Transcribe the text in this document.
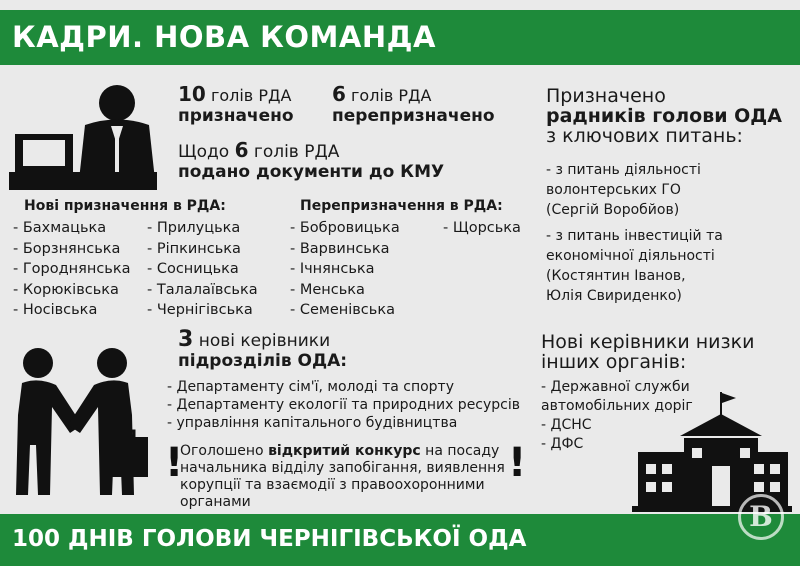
КАДРИ. НОВА КОМАНДА
10 голів РДА
призначено
6 голів РДА
перепризначено
Щодо 6 голів РДА
подано документи до КМУ
Нові призначення в РДА:
- Бахмацька
- Борзнянська
- Городнянська
- Корюківська
- Носівська
- Прилуцька
- Ріпкинська
- Сосницька
- Талалаївська
- Чернігівська
Перепризначення в РДА:
- Бобровицька
- Варвинська
- Ічнянська
- Менська
- Семенівська
- Щорська
Призначено
радників голови ОДА
з ключових питань:
- з питань діяльності
волонтерських ГО
(Сергій Воробйов)
- з питань інвестицій та
економічної діяльності
(Костянтин Іванов,
Юлія Свириденко)
3 нові керівники
підрозділів ОДА:
- Департаменту сім'ї, молоді та спорту
- Департаменту екології та природних ресурсів
- управління капітального будівництва
!
Оголошено відкритий конкурс на посаду
начальника відділу запобігання, виявлення
корупції та взаємодії з правоохоронними
органами
!
Нові керівники низки
інших органів:
- Державної служби
автомобільних доріг
- ДСНС
- ДФС
100 ДНІВ ГОЛОВИ ЧЕРНІГІВСЬКОЇ ОДА
B
